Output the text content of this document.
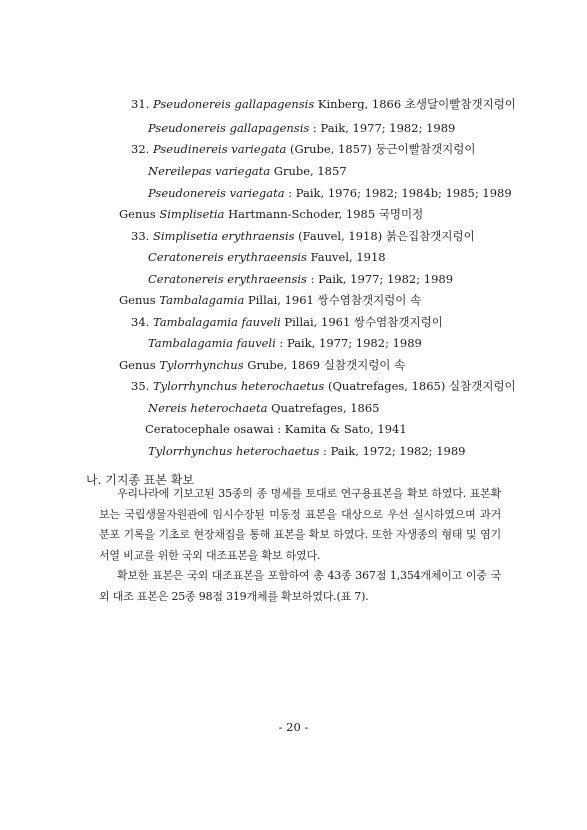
31. Pseudonereis gallapagensis Kinberg, 1866 초생달이빨참갯지렁이
Pseudonereis gallapagensis : Paik, 1977; 1982; 1989
32. Pseudinereis variegata (Grube, 1857) 둥근이빨참갯지렁이
Nereilepas variegata Grube, 1857
Pseudonereis variegata : Paik, 1976; 1982; 1984b; 1985; 1989
Genus Simplisetia Hartmann-Schoder, 1985 국명미정
33. Simplisetia erythraensis (Fauvel, 1918) 붉은집참갯지렁이
Ceratonereis erythraeensis Fauvel, 1918
Ceratonereis erythraeensis : Paik, 1977; 1982; 1989
Genus Tambalagamia Pillai, 1961 쌍수염참갯지렁이 속
34. Tambalagamia fauveli Pillai, 1961 쌍수염참갯지렁이
Tambalagamia fauveli : Paik, 1977; 1982; 1989
Genus Tylorrhynchus Grube, 1869 실참갯지렁이 속
35. Tylorrhynchus heterochaetus (Quatrefages, 1865) 실참갯지렁이
Nereis heterochaeta Quatrefages, 1865
Ceratocephale osawai : Kamita & Sato, 1941
Tylorrhynchus heterochaetus : Paik, 1972; 1982; 1989
나. 기지종 표본 확보

우리나라에 기보고된 35종의 종 명세를 토대로 연구용표본을 확보 하였다. 표본확보는 국립생물자원관에 임시수장된 미동정 표본을 대상으로 우선 실시하였으며 과거 분포 기록을 기초로 현장채집을 통해 표본을 확보 하였다. 또한 자생종의 형태 및 염기서열 비교를 위한 국외 대조표본을 확보 하였다.

확보한 표본은 국외 대조표본을 포함하여 총 43종 367점 1,354개체이고 이중 국외 대조 표본은 25종 98점 319개체를 확보하였다.(표 7).

- 20 -
